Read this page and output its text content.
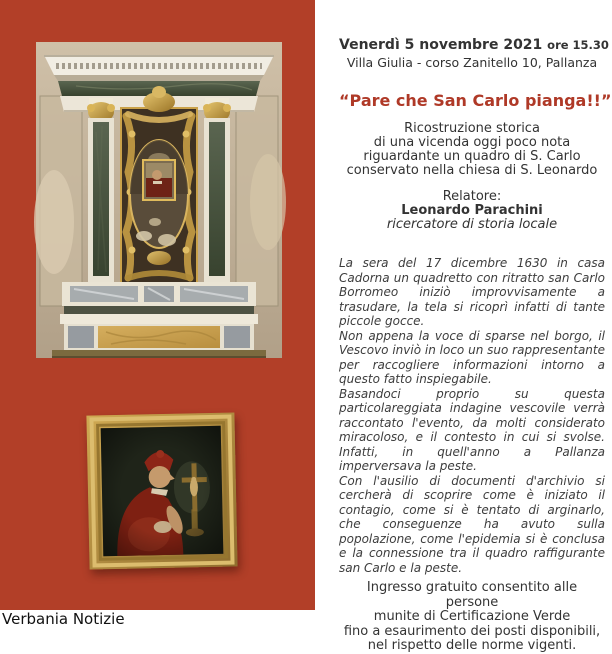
Venerdì 5 novembre 2021 ore 15.30
Villa Giulia - corso Zanitello 10, Pallanza
“Pare che San Carlo pianga!!”
Ricostruzione storica
di una vicenda oggi poco nota
riguardante un quadro di S. Carlo
conservato nella chiesa di S. Leonardo
Relatore:
Leonardo Parachini
ricercatore di storia locale

La sera del 17 dicembre 1630 in casa Cadorna un quadretto con ritratto san Carlo Borromeo iniziò improvvisamente a trasudare, la tela si ricoprì infatti di tante piccole gocce.

Non appena la voce di sparse nel borgo, il Vescovo inviò in loco un suo rappresentante per raccogliere informazioni intorno a questo fatto inspiegabile.

Basandoci proprio su questa particolareggiata indagine vescovile verrà raccontato l'evento, da molti considerato miracoloso, e il contesto in cui si svolse. Infatti, in quell'anno a Pallanza imperversava la peste.

Con l'ausilio di documenti d'archivio si cercherà di scoprire come è iniziato il contagio, come si è tentato di arginarlo, che conseguenze ha avuto sulla popolazione, come l'epidemia si è conclusa e la connessione tra il quadro raffigurante san Carlo e la peste.

Ingresso gratuito consentito alle persone
munite di Certificazione Verde
fino a esaurimento dei posti disponibili,
nel rispetto delle norme vigenti.
Verbania Notizie
